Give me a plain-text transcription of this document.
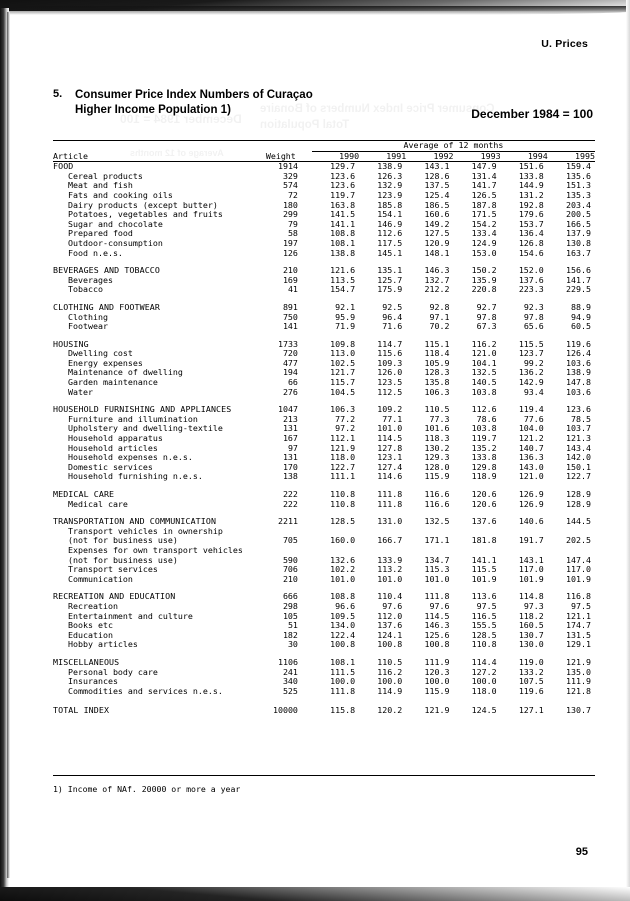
U. Prices
Consumer Price Index Numbers of Bonaire
Total Population
December 1984 = 100
Average of 12 months
5.	Consumer Price Index Numbers of Curaçao
Higher Income Population 1)	December 1984 = 100
		Average of 12 months					
Article	Weight	1990	1991	1992	1993	1994	1995
FOOD	1914	129.7	138.9	143.1	147.9	151.6	159.4
Cereal products	329	123.6	126.3	128.6	131.4	133.8	135.6
Meat and fish	574	123.6	132.9	137.5	141.7	144.9	151.3
Fats and cooking oils	72	119.7	123.9	125.4	126.5	131.2	135.3
Dairy products (except butter)	180	163.8	185.8	186.5	187.8	192.8	203.4
Potatoes, vegetables and fruits	299	141.5	154.1	160.6	171.5	179.6	200.5
Sugar and chocolate	79	141.1	146.9	149.2	154.2	153.7	166.5
Prepared food	58	108.8	112.6	127.5	133.4	136.4	137.9
Outdoor-consumption	197	108.1	117.5	120.9	124.9	126.8	130.8
Food n.e.s.	126	138.8	145.1	148.1	153.0	154.6	163.7

BEVERAGES AND TOBACCO	210	121.6	135.1	146.3	150.2	152.0	156.6
Beverages	169	113.5	125.7	132.7	135.9	137.6	141.7
Tobacco	41	154.7	175.9	212.2	220.8	223.3	229.5

CLOTHING AND FOOTWEAR	891	92.1	92.5	92.8	92.7	92.3	88.9
Clothing	750	95.9	96.4	97.1	97.8	97.8	94.9
Footwear	141	71.9	71.6	70.2	67.3	65.6	60.5

HOUSING	1733	109.8	114.7	115.1	116.2	115.5	119.6
Dwelling cost	720	113.0	115.6	118.4	121.0	123.7	126.4
Energy expenses	477	102.5	109.3	105.9	104.1	99.2	103.6
Maintenance of dwelling	194	121.7	126.0	128.3	132.5	136.2	138.9
Garden maintenance	66	115.7	123.5	135.8	140.5	142.9	147.8
Water	276	104.5	112.5	106.3	103.8	93.4	103.6

HOUSEHOLD FURNISHING AND APPLIANCES	1047	106.3	109.2	110.5	112.6	119.4	123.6
Furniture and illumination	213	77.2	77.1	77.3	78.6	77.6	78.5
Upholstery and dwelling-textile	131	97.2	101.0	101.6	103.8	104.0	103.7
Household apparatus	167	112.1	114.5	118.3	119.7	121.2	121.3
Household articles	97	121.9	127.8	130.2	135.2	140.7	143.4
Household expenses n.e.s.	131	118.0	123.1	129.3	133.8	136.3	142.0
Domestic services	170	122.7	127.4	128.0	129.8	143.0	150.1
Household furnishing n.e.s.	138	111.1	114.6	115.9	118.9	121.0	122.7

MEDICAL CARE	222	110.8	111.8	116.6	120.6	126.9	128.9
Medical care	222	110.8	111.8	116.6	120.6	126.9	128.9

TRANSPORTATION AND COMMUNICATION	2211	128.5	131.0	132.5	137.6	140.6	144.5
Transport vehicles in ownership							
(not for business use)	705	160.0	166.7	171.1	181.8	191.7	202.5
Expenses for own transport vehicles							
(not for business use)	590	132.6	133.9	134.7	141.1	143.1	147.4
Transport services	706	102.2	113.2	115.3	115.5	117.0	117.0
Communication	210	101.0	101.0	101.0	101.9	101.9	101.9

RECREATION AND EDUCATION	666	108.8	110.4	111.8	113.6	114.8	116.8
Recreation	298	96.6	97.6	97.6	97.5	97.3	97.5
Entertainment and culture	105	109.5	112.0	114.5	116.5	118.2	121.1
Books etc	51	134.0	137.6	146.3	155.5	160.5	174.7
Education	182	122.4	124.1	125.6	128.5	130.7	131.5
Hobby articles	30	100.8	100.8	100.8	110.8	130.0	129.1

MISCELLANEOUS	1106	108.1	110.5	111.9	114.4	119.0	121.9
Personal body care	241	111.5	116.2	120.3	127.2	133.2	135.0
Insurances	340	100.0	100.0	100.0	100.0	107.5	111.9
Commodities and services n.e.s.	525	111.8	114.9	115.9	118.0	119.6	121.8

TOTAL INDEX	10000	115.8	120.2	121.9	124.5	127.1	130.7
1) Income of NAf. 20000 or more a year
95
